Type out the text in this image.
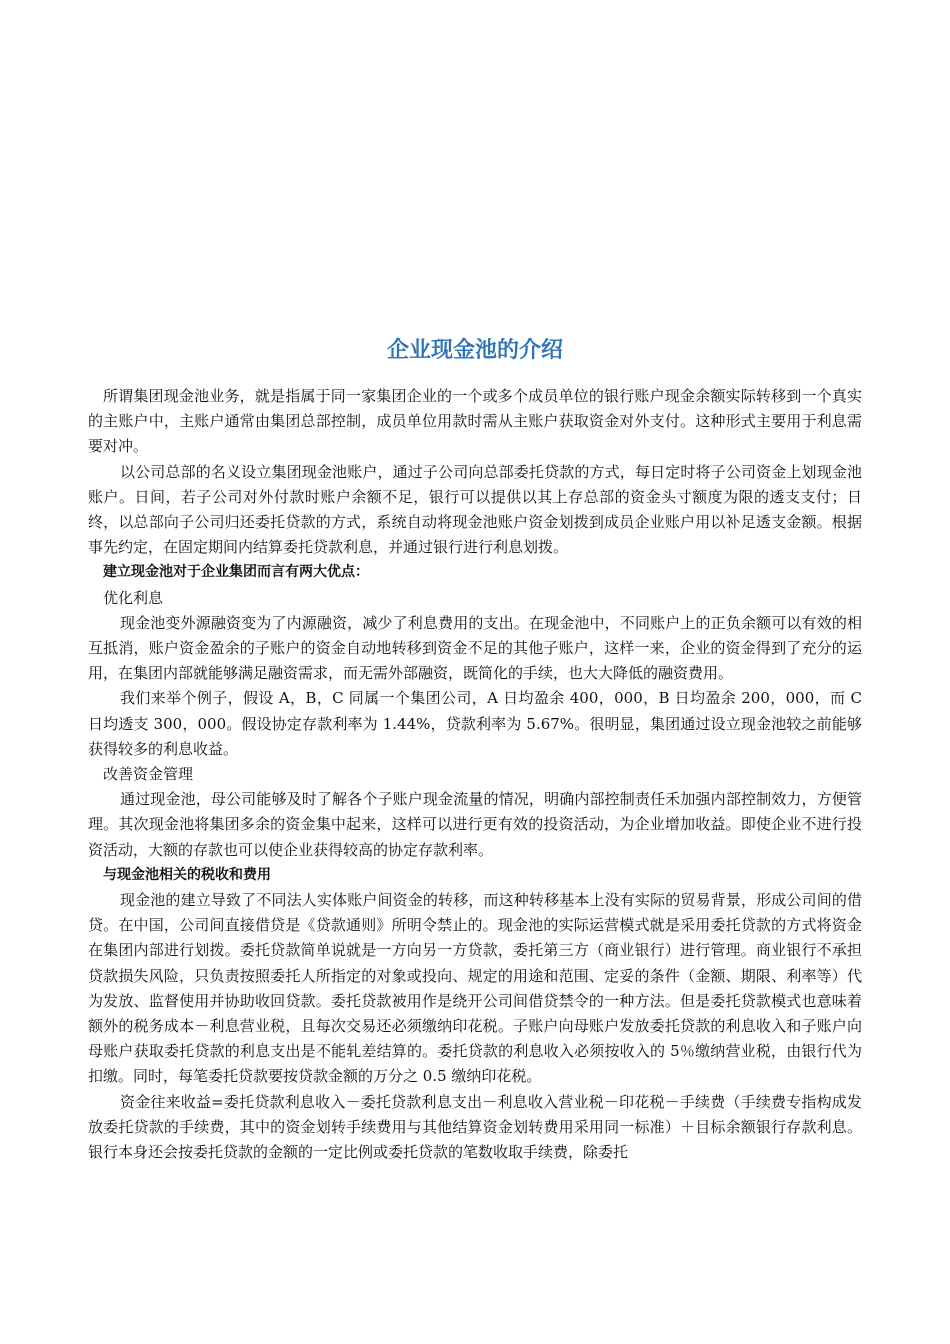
企业现金池的介绍

所谓集团现金池业务，就是指属于同一家集团企业的一个或多个成员单位的银行账户现金余额实际转移到一个真实的主账户中，主账户通常由集团总部控制，成员单位用款时需从主账户获取资金对外支付。这种形式主要用于利息需要对冲。

以公司总部的名义设立集团现金池账户，通过子公司向总部委托贷款的方式，每日定时将子公司资金上划现金池账户。日间，若子公司对外付款时账户余额不足，银行可以提供以其上存总部的资金头寸额度为限的透支支付；日终，以总部向子公司归还委托贷款的方式，系统自动将现金池账户资金划拨到成员企业账户用以补足透支金额。根据事先约定，在固定期间内结算委托贷款利息，并通过银行进行利息划拨。

建立现金池对于企业集团而言有两大优点：

优化利息

现金池变外源融资变为了内源融资，减少了利息费用的支出。在现金池中，不同账户上的正负余额可以有效的相互抵消，账户资金盈余的子账户的资金自动地转移到资金不足的其他子账户，这样一来，企业的资金得到了充分的运用，在集团内部就能够满足融资需求，而无需外部融资，既简化的手续，也大大降低的融资费用。

我们来举个例子，假设 A，B，C 同属一个集团公司，A 日均盈余 400，000，B 日均盈余 200，000，而 C 日均透支 300，000。假设协定存款利率为 1.44%，贷款利率为 5.67%。很明显，集团通过设立现金池较之前能够获得较多的利息收益。

改善资金管理

通过现金池，母公司能够及时了解各个子账户现金流量的情况，明确内部控制责任禾加强内部控制效力，方便管理。其次现金池将集团多余的资金集中起来，这样可以进行更有效的投资活动，为企业增加收益。即使企业不进行投资活动，大额的存款也可以使企业获得较高的协定存款利率。

与现金池相关的税收和费用

现金池的建立导致了不同法人实体账户间资金的转移，而这种转移基本上没有实际的贸易背景，形成公司间的借贷。在中国，公司间直接借贷是《贷款通则》所明令禁止的。现金池的实际运营模式就是采用委托贷款的方式将资金在集团内部进行划拨。委托贷款简单说就是一方向另一方贷款，委托第三方（商业银行）进行管理。商业银行不承担贷款损失风险，只负责按照委托人所指定的对象或投向、规定的用途和范围、定妥的条件（金额、期限、利率等）代为发放、监督使用并协助收回贷款。委托贷款被用作是绕开公司间借贷禁令的一种方法。但是委托贷款模式也意味着额外的税务成本－利息营业税，且每次交易还必须缴纳印花税。子账户向母账户发放委托贷款的利息收入和子账户向母账户获取委托贷款的利息支出是不能轧差结算的。委托贷款的利息收入必须按收入的 5％缴纳营业税，由银行代为扣缴。同时，每笔委托贷款要按贷款金额的万分之 0.5 缴纳印花税。

资金往来收益=委托贷款利息收入－委托贷款利息支出－利息收入营业税－印花税－手续费（手续费专指构成发放委托贷款的手续费，其中的资金划转手续费用与其他结算资金划转费用采用同一标准）＋目标余额银行存款利息。银行本身还会按委托贷款的金额的一定比例或委托贷款的笔数收取手续费，除委托
